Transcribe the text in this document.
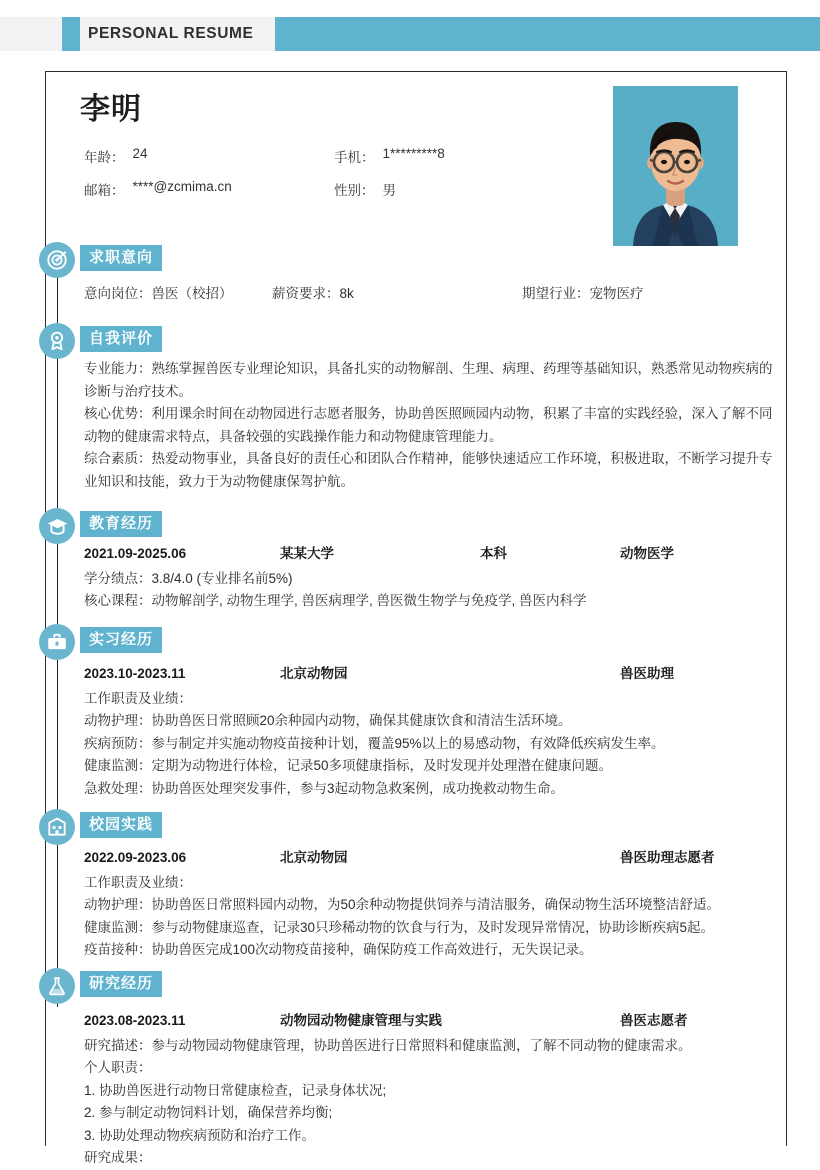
PERSONAL RESUME
李明
年龄： 24	手机： 1*********8
邮箱： ****@zcmima.cn	性别： 男
求职意向
意向岗位：兽医（校招）	薪资要求：8k	期望行业：宠物医疗
自我评价

专业能力：熟练掌握兽医专业理论知识，具备扎实的动物解剖、生理、病理、药理等基础知识，熟悉常见动物疾病的诊断与治疗技术。

核心优势：利用课余时间在动物园进行志愿者服务，协助兽医照顾园内动物，积累了丰富的实践经验，深入了解不同动物的健康需求特点，具备较强的实践操作能力和动物健康管理能力。

综合素质：热爱动物事业，具备良好的责任心和团队合作精神，能够快速适应工作环境，积极进取，不断学习提升专业知识和技能，致力于为动物健康保驾护航。

教育经历
2021.09-2025.06	某某大学	本科	动物医学

学分绩点：3.8/4.0 (专业排名前5%)

核心课程：动物解剖学, 动物生理学, 兽医病理学, 兽医微生物学与免疫学, 兽医内科学

实习经历
2023.10-2023.11	北京动物园	兽医助理

工作职责及业绩：

动物护理：协助兽医日常照顾20余种园内动物，确保其健康饮食和清洁生活环境。

疾病预防：参与制定并实施动物疫苗接种计划，覆盖95%以上的易感动物，有效降低疾病发生率。

健康监测：定期为动物进行体检，记录50多项健康指标，及时发现并处理潜在健康问题。

急救处理：协助兽医处理突发事件，参与3起动物急救案例，成功挽救动物生命。

校园实践
2022.09-2023.06	北京动物园	兽医助理志愿者

工作职责及业绩：

动物护理：协助兽医日常照料园内动物，为50余种动物提供饲养与清洁服务，确保动物生活环境整洁舒适。

健康监测：参与动物健康巡查，记录30只珍稀动物的饮食与行为，及时发现异常情况，协助诊断疾病5起。

疫苗接种：协助兽医完成100次动物疫苗接种，确保防疫工作高效进行，无失误记录。

研究经历
2023.08-2023.11	动物园动物健康管理与实践	兽医志愿者

研究描述：参与动物园动物健康管理，协助兽医进行日常照料和健康监测，了解不同动物的健康需求。

个人职责：

1. 协助兽医进行动物日常健康检查，记录身体状况;

2. 参与制定动物饲料计划，确保营养均衡;

3. 协助处理动物疾病预防和治疗工作。

研究成果：
